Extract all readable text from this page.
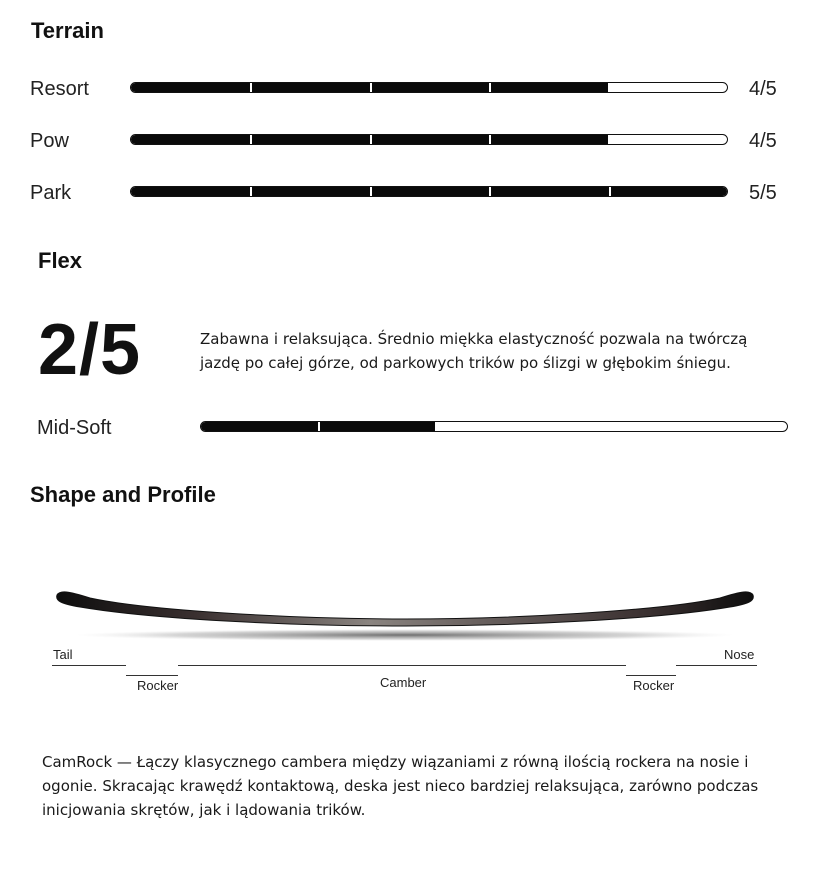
Terrain
Resort	4/5
Pow	4/5
Park	5/5
Flex
2/5	Zabawna i relaksująca. Średnio miękka elastyczność pozwala na twórczą jazdę po całej górze, od parkowych trików po ślizgi w głębokim śniegu.
Mid-Soft
Shape and Profile
Tail	Nose
Rocker	Camber	Rocker
CamRock — Łączy klasycznego cambera między wiązaniami z równą ilością rockera na nosie i ogonie. Skracając krawędź kontaktową, deska jest nieco bardziej relaksująca, zarówno podczas inicjowania skrętów, jak i lądowania trików.
